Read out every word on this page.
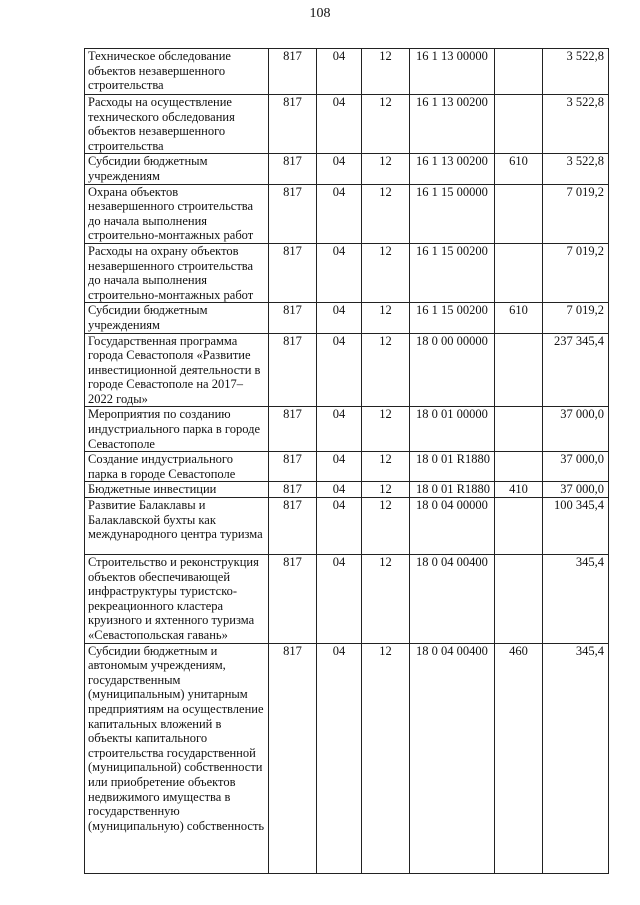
108
Техническое обследование объектов незавершенного строительства	817	04	12	16 1 13 00000		3 522,8
Расходы на осуществление технического обследования объектов незавершенного строительства	817	04	12	16 1 13 00200		3 522,8
Субсидии бюджетным учреждениям	817	04	12	16 1 13 00200	610	3 522,8
Охрана объектов незавершенного строительства до начала выполнения строительно-монтажных работ	817	04	12	16 1 15 00000		7 019,2
Расходы на охрану объектов незавершенного строительства до начала выполнения строительно-монтажных работ	817	04	12	16 1 15 00200		7 019,2
Субсидии бюджетным учреждениям	817	04	12	16 1 15 00200	610	7 019,2
Государственная программа города Севастополя «Развитие инвестиционной деятельности в городе Севастополе на 2017–2022 годы»	817	04	12	18 0 00 00000		237 345,4
Мероприятия по созданию индустриального парка в городе Севастополе	817	04	12	18 0 01 00000		37 000,0
Создание индустриального парка в городе Севастополе	817	04	12	18 0 01 R1880		37 000,0
Бюджетные инвестиции	817	04	12	18 0 01 R1880	410	37 000,0
Развитие Балаклавы и Балаклавской бухты как международного центра туризма	817	04	12	18 0 04 00000		100 345,4
Строительство и реконструкция объектов обеспечивающей инфраструктуры туристско-рекреационного кластера круизного и яхтенного туризма «Севастопольская гавань»	817	04	12	18 0 04 00400		345,4
Субсидии бюджетным и автономым учреждениям, государственным (муниципальным) унитарным предприятиям на осуществление капитальных вложений в объекты капитального строительства государственной (муниципальной) собственности или приобретение объектов недвижимого имущества в государственную (муниципальную) собственность	817	04	12	18 0 04 00400	460	345,4
